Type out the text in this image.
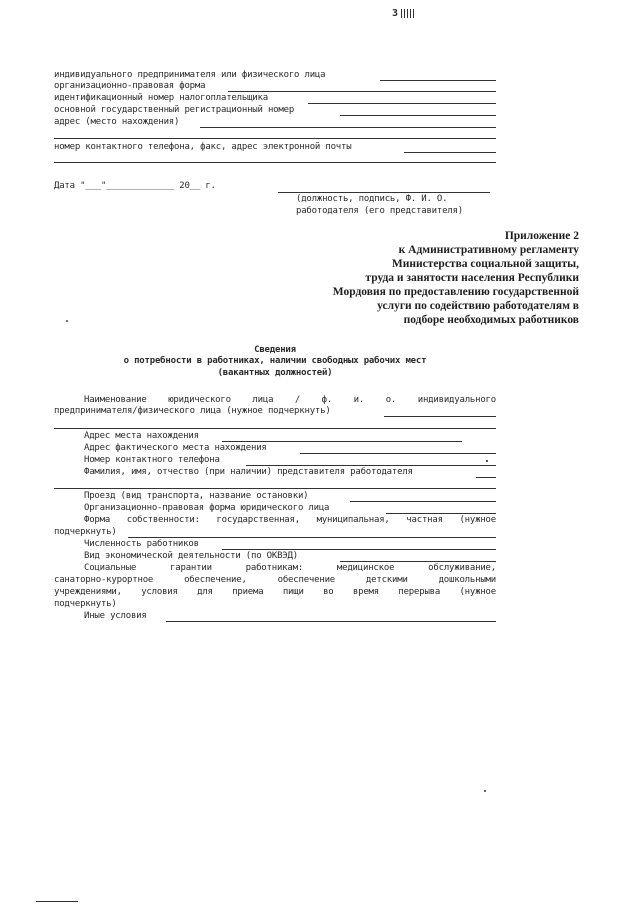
3
индивидуального предпринимателя или физического лица
организационно-правовая форма
идентификационный номер налогоплательщика
основной государственный регистрационный номер
адрес (место нахождения)
номер контактного телефона, факс, адрес электронной почты
Дата "___"_____________ 20__ г.
(должность, подпись, Ф. И. О.
работодателя (его представителя)
Приложение 2
к Административному регламенту
Министерства социальной защиты,
труда и занятости населения Республики
Мордовия по предоставлению государственной
услуги по содействию работодателям в
подборе необходимых работников
Сведения
о потребности в работниках, наличии свободных рабочих мест
(вакантных должностей)
Наименование юридического лица / ф. и. о. индивидуального
предпринимателя/физического лица (нужное подчеркнуть)
Адрес места нахождения
Адрес фактического места нахождения
Номер контактного телефона
Фамилия, имя, отчество (при наличии) представителя работодателя
Проезд (вид транспорта, название остановки)
Организационно-правовая форма юридического лица
Форма собственности: государственная, муниципальная, частная (нужное
подчеркнуть)
Численность работников
Вид экономической деятельности (по ОКВЭД)
Социальные гарантии работникам: медицинское обслуживание,
санаторно-курортное обеспечение, обеспечение детскими дошкольными
учреждениями, условия для приема пищи во время перерыва (нужное
подчеркнуть)
Иные условия
